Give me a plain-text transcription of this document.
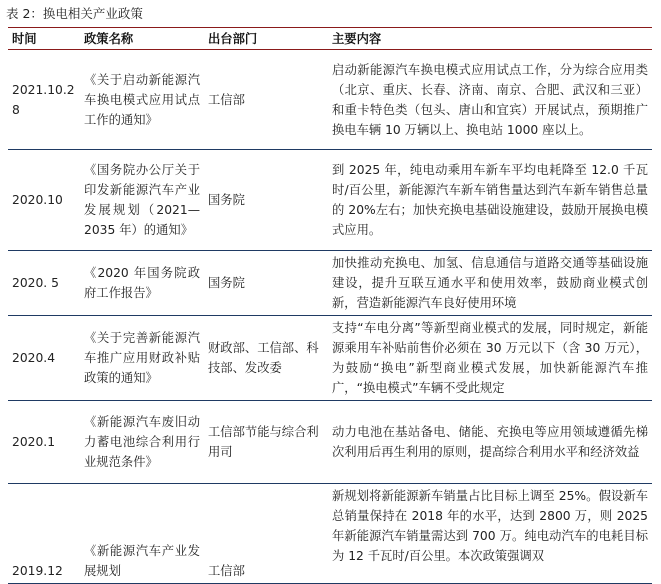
表 2：换电相关产业政策
时间	政策名称	出台部门	主要内容
2021.10.28	《关于启动新能源汽车换电模式应用试点工作的通知》	工信部	启动新能源汽车换电模式应用试点工作，分为综合应用类（北京、重庆、长春、济南、南京、合肥、武汉和三亚）和重卡特色类（包头、唐山和宜宾）开展试点，预期推广换电车辆 10 万辆以上、换电站 1000 座以上。
2020.10	《国务院办公厅关于印发新能源汽车产业发展规划（2021—2035 年）的通知》	国务院	到 2025 年，纯电动乘用车新车平均电耗降至 12.0 千瓦时/百公里，新能源汽车新车销售量达到汽车新车销售总量的 20%左右；加快充换电基础设施建设，鼓励开展换电模式应用。
2020. 5	《2020 年国务院政府工作报告》	国务院	加快推动充换电、加氢、信息通信与道路交通等基础设施建设，提升互联互通水平和使用效率，鼓励商业模式创新，营造新能源汽车良好使用环境
2020.4	《关于完善新能源汽车推广应用财政补贴政策的通知》	财政部、工信部、科技部、发改委	支持“车电分离”等新型商业模式的发展，同时规定，新能源乘用车补贴前售价必须在 30 万元以下（含 30 万元），为鼓励“换电”新型商业模式发展，加快新能源汽车推广，“换电模式”车辆不受此规定
2020.1	《新能源汽车废旧动力蓄电池综合利用行业规范条件》	工信部节能与综合利用司	动力电池在基站备电、储能、充换电等应用领域遵循先梯次利用后再生利用的原则，提高综合利用水平和经济效益
2019.12	《新能源汽车产业发展规划	工信部	新规划将新能源新车销量占比目标上调至 25%。假设新车总销量保持在 2018 年的水平，达到 2800 万，则 2025 年新能源汽车销量需达到 700 万。纯电动汽车的电耗目标为 12 千瓦时/百公里。本次政策强调双
